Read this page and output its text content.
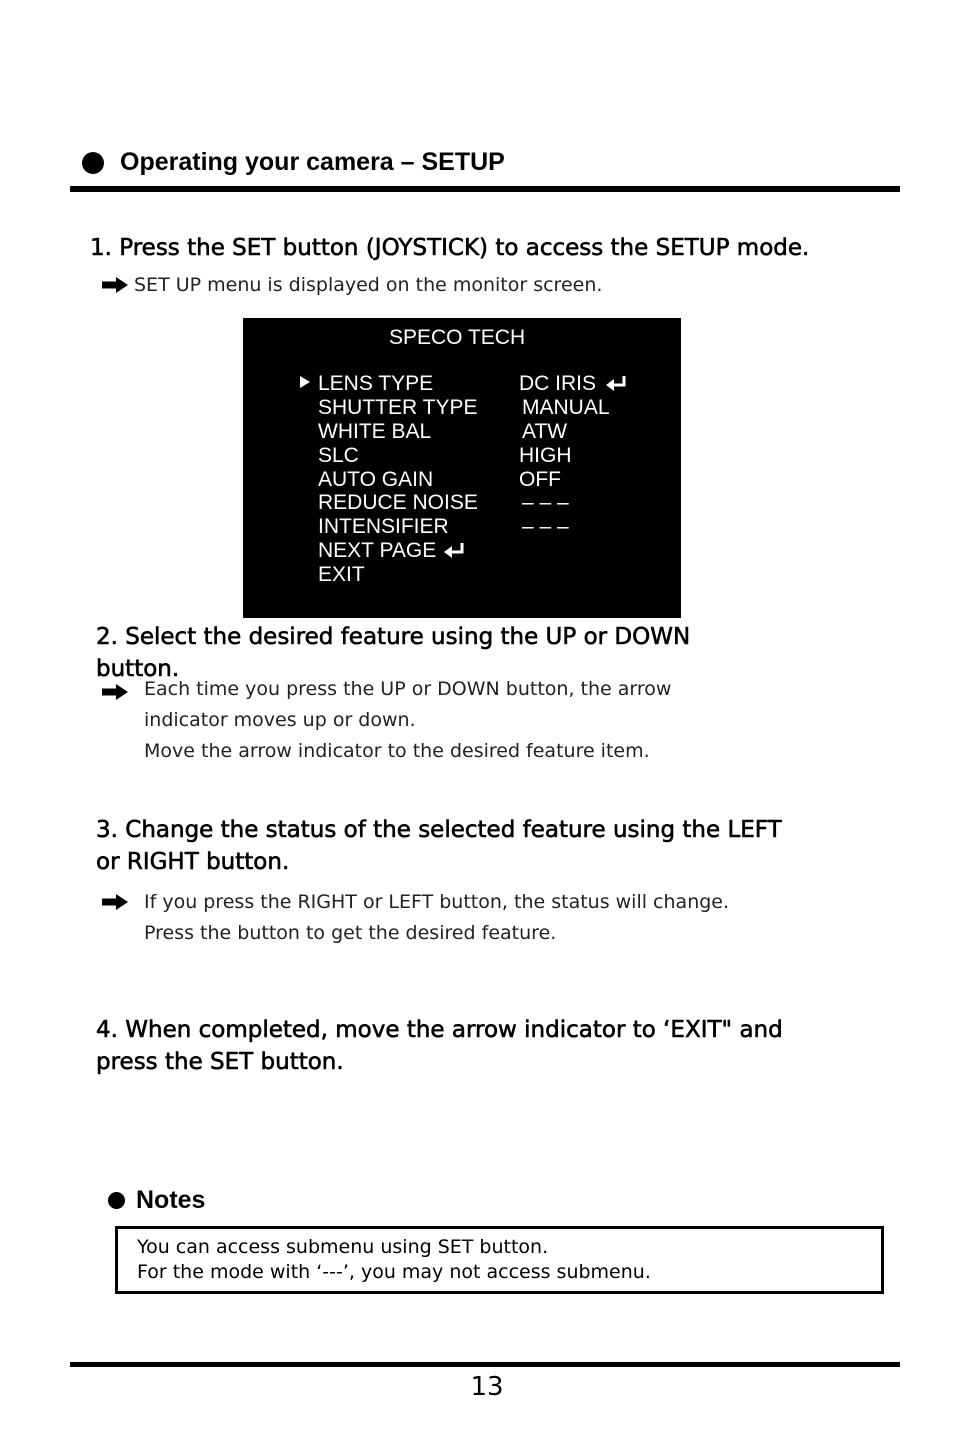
Operating your camera – SETUP

1. Press the SET button (JOYSTICK) to access the SETUP mode.

SET UP menu is displayed on the monitor screen.

SPECO TECH
LENS TYPE	DC IRIS
SHUTTER TYPE MANUAL
WHITE BAL	ATW
SLC	HIGH
AUTO GAIN	OFF
REDUCE NOISE – – –
INTENSIFIER	– – –
NEXT PAGE
EXIT

2. Select the desired feature using the UP or DOWN
button.

Each time you press the UP or DOWN button, the arrow
indicator moves up or down.
Move the arrow indicator to the desired feature item.

3. Change the status of the selected feature using the LEFT
or RIGHT button.

If you press the RIGHT or LEFT button, the status will change.
Press the button to get the desired feature.

4. When completed, move the arrow indicator to ‘EXIT" and
press the SET button.

Notes
You can access submenu using SET button.
For the mode with ‘---’, you may not access submenu.
13
